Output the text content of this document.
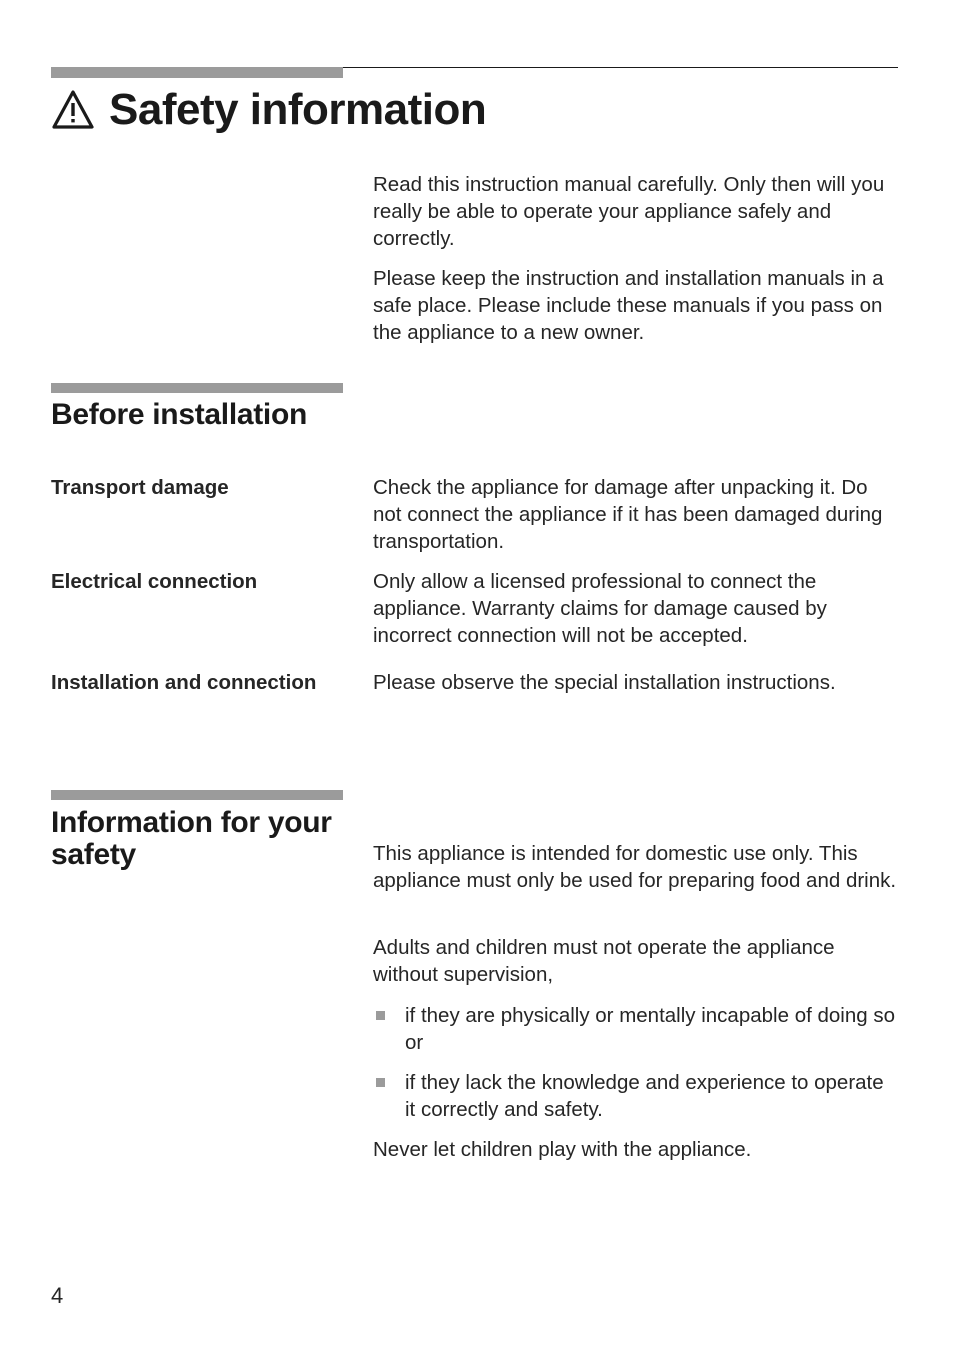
Safety information
Read this instruction manual carefully. Only then will you really be able to operate your appliance safely and correctly.
Please keep the instruction and installation manuals in a safe place. Please include these manuals if you pass on the appliance to a new owner.
Before installation
Transport damage	Check the appliance for damage after unpacking it. Do not connect the appliance if it has been damaged during transportation.
Electrical connection	Only allow a licensed professional to connect the appliance. Warranty claims for damage caused by incorrect connection will not be accepted.
Installation and connection	Please observe the special installation instructions.
Information for your
safety	This appliance is intended for domestic use only. This appliance must only be used for preparing food and drink.
Adults and children must not operate the appliance without supervision,
if they are physically or mentally incapable of doing so or
if they lack the knowledge and experience to operate it correctly and safety.
Never let children play with the appliance.
4
